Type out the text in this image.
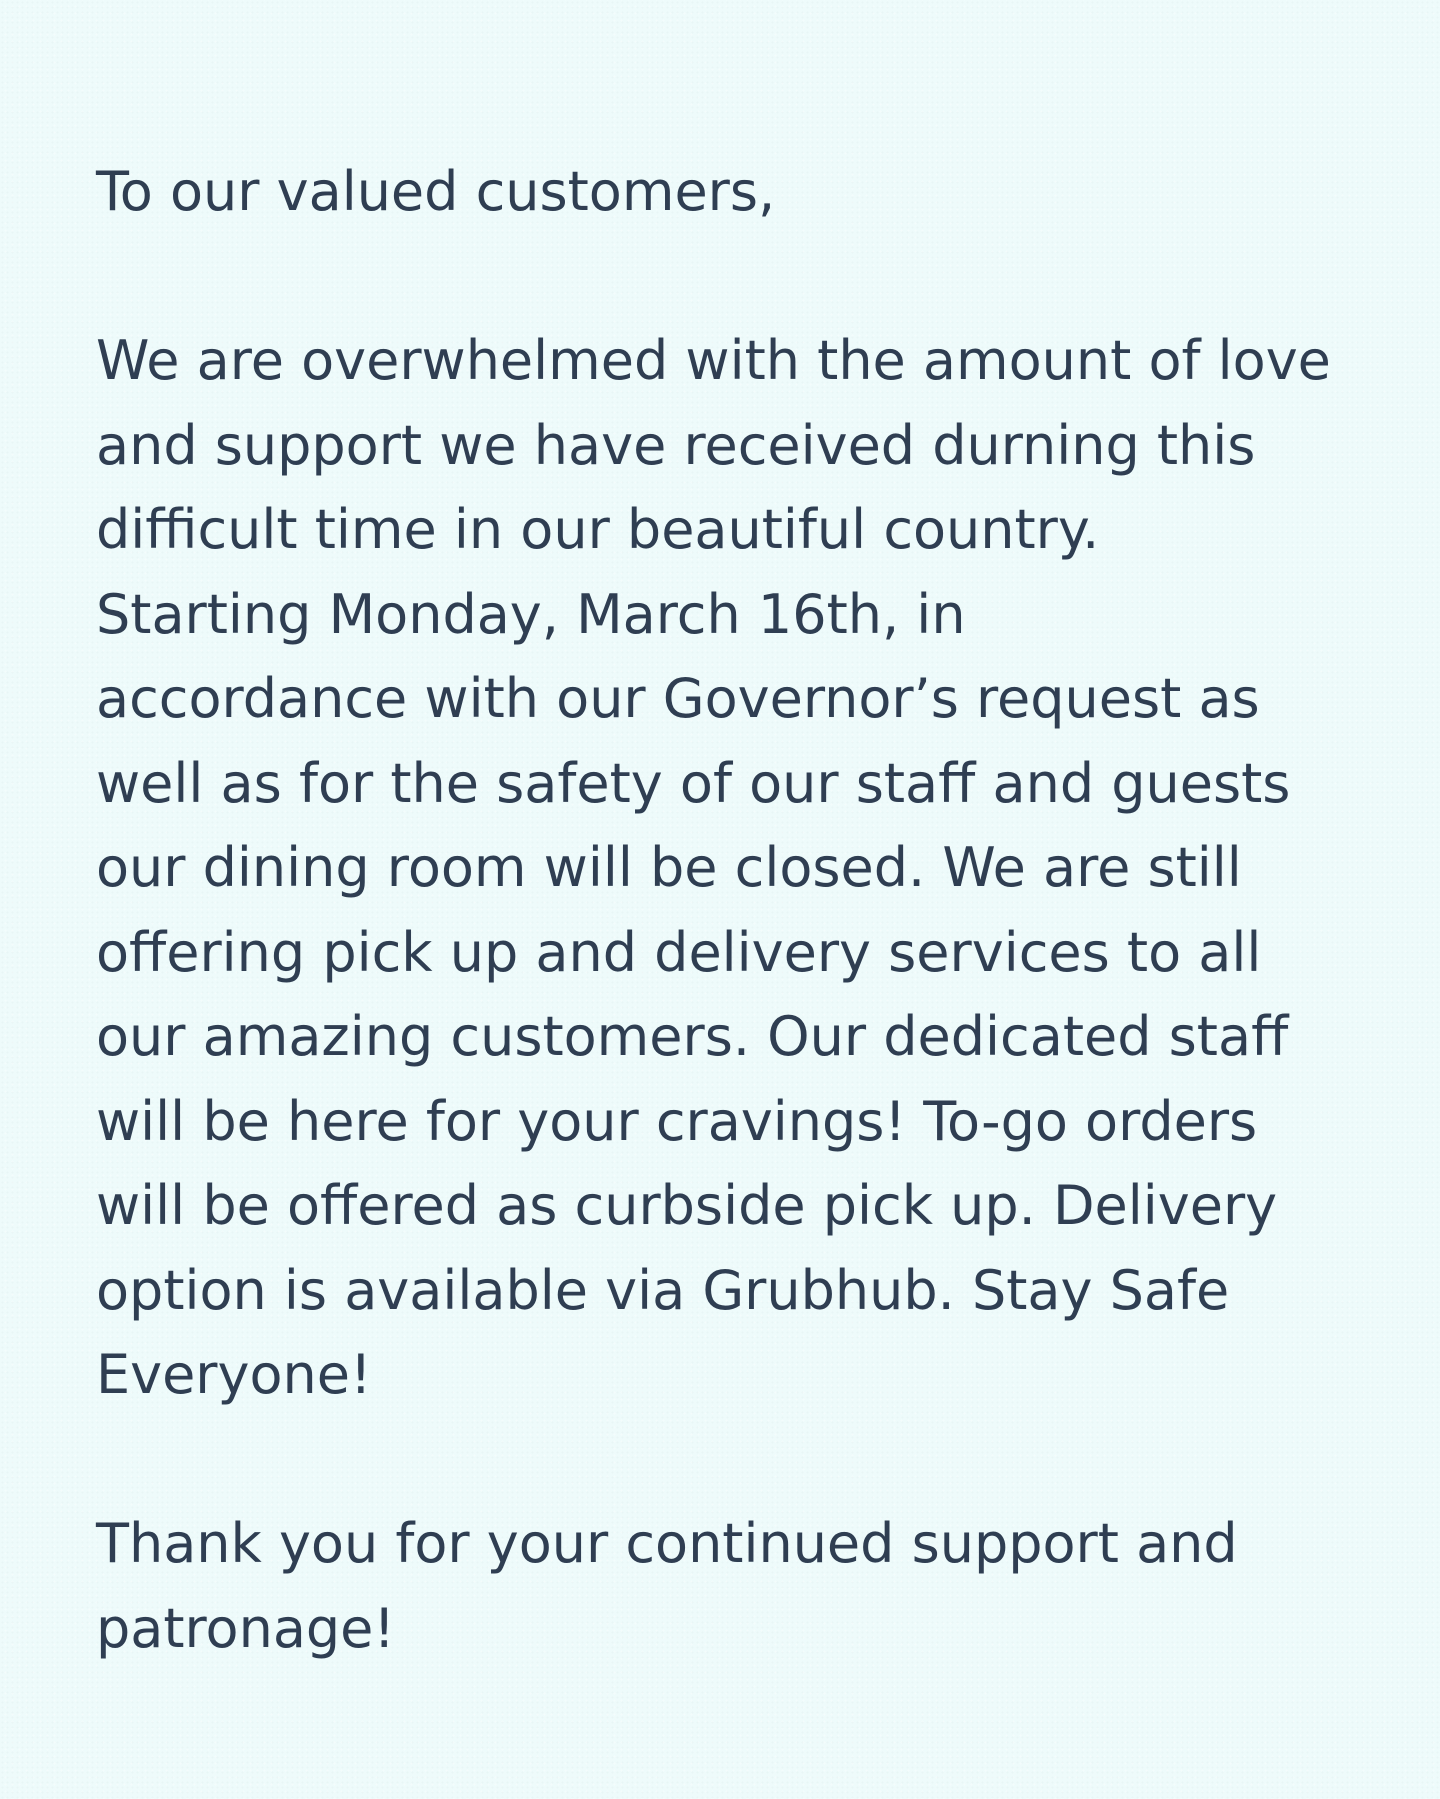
To our valued customers,

We are overwhelmed with the amount of love

and support we have received durning this

difficult time in our beautiful country.

Starting Monday, March 16th, in

accordance with our Governor’s request as

well as for the safety of our staff and guests

our dining room will be closed. We are still

offering pick up and delivery services to all

our amazing customers. Our dedicated staff

will be here for your cravings! To-go orders

will be offered as curbside pick up. Delivery

option is available via Grubhub. Stay Safe

Everyone!

Thank you for your continued support and

patronage!
